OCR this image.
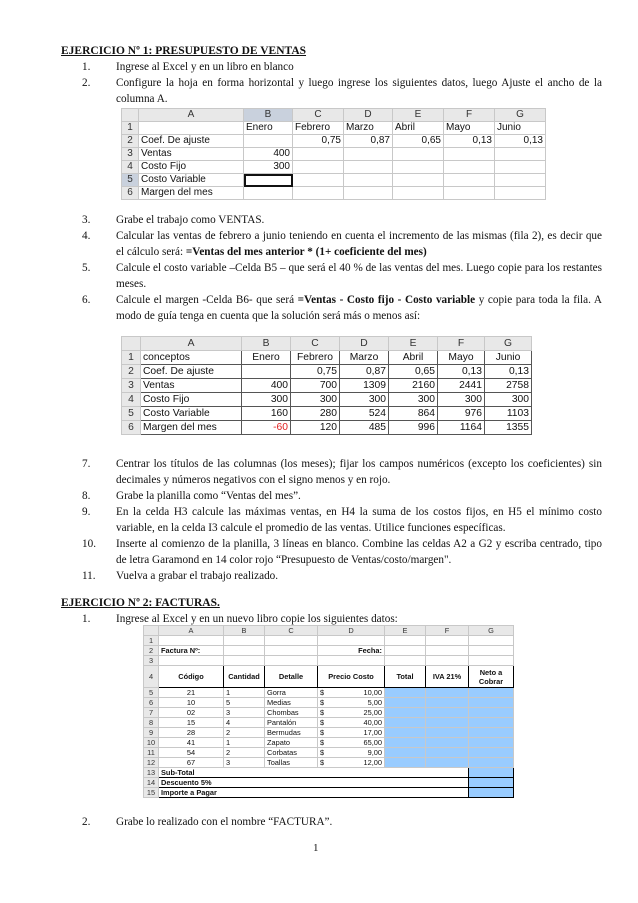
EJERCICIO Nº 1: PRESUPUESTO DE VENTAS
1. Ingrese al Excel y en un libro en blanco
2. Configure la hoja en forma horizontal y luego ingrese los siguientes datos, luego Ajuste el ancho de la columna A.
	A	B	C	D	E	F	G
1		Enero	Febrero	Marzo	Abril	Mayo	Junio
2	Coef. De ajuste		0,75	0,87	0,65	0,13	0,13
3	Ventas	400					
4	Costo Fijo	300					
5	Costo Variable						
6	Margen del mes						
3. Grabe el trabajo como VENTAS.
4. Calcular las ventas de febrero a junio teniendo en cuenta el incremento de las mismas (fila 2), es decir que el cálculo será: =Ventas del mes anterior * (1+ coeficiente del mes)
5. Calcule el costo variable –Celda B5 – que será el 40 % de las ventas del mes. Luego copie para los restantes meses.
6. Calcule el margen -Celda B6- que será =Ventas - Costo fijo - Costo variable y copie para toda la fila. A modo de guía tenga en cuenta que la solución será más o menos así:
	A	B	C	D	E	F	G
1	conceptos	Enero	Febrero	Marzo	Abril	Mayo	Junio
2	Coef. De ajuste		0,75	0,87	0,65	0,13	0,13
3	Ventas	400	700	1309	2160	2441	2758
4	Costo Fijo	300	300	300	300	300	300
5	Costo Variable	160	280	524	864	976	1103
6	Margen del mes	-60	120	485	996	1164	1355
7. Centrar los títulos de las columnas (los meses); fijar los campos numéricos (excepto los coeficientes) sin decimales y números negativos con el signo menos y en rojo.
8. Grabe la planilla como “Ventas del mes”.
9. En la celda H3 calcule las máximas ventas, en H4 la suma de los costos fijos, en H5 el mínimo costo variable, en la celda I3 calcule el promedio de las ventas. Utilice funciones específicas.
10. Inserte al comienzo de la planilla, 3 líneas en blanco. Combine las celdas A2 a G2 y escriba centrado, tipo de letra Garamond en 14 color rojo “Presupuesto de Ventas/costo/margen".
11. Vuelva a grabar el trabajo realizado.
EJERCICIO Nº 2: FACTURAS.
1. Ingrese al Excel y en un nuevo libro copie los siguientes datos:
	A	B	C	D	E	F	G
1							
2	Factura Nº:			Fecha:			
3							
4	Código	Cantidad	Detalle	Precio Costo	Total	IVA 21%	Neto a Cobrar
5	21	1	Gorra	$ 10,00			

6	10	5	Medias	$ 5,00			

7	02	3	Chombas	$ 25,00			

8	15	4	Pantalón	$ 40,00			

9	28	2	Bermudas	$ 17,00			

10	41	1	Zapato	$ 65,00			

11	54	2	Corbatas	$ 9,00			

12	67	3	Toallas	$ 12,00			

13	Sub-Total						
14	Descuento 5%						
15	Importe a Pagar						
2. Grabe lo realizado con el nombre “FACTURA”.
1
